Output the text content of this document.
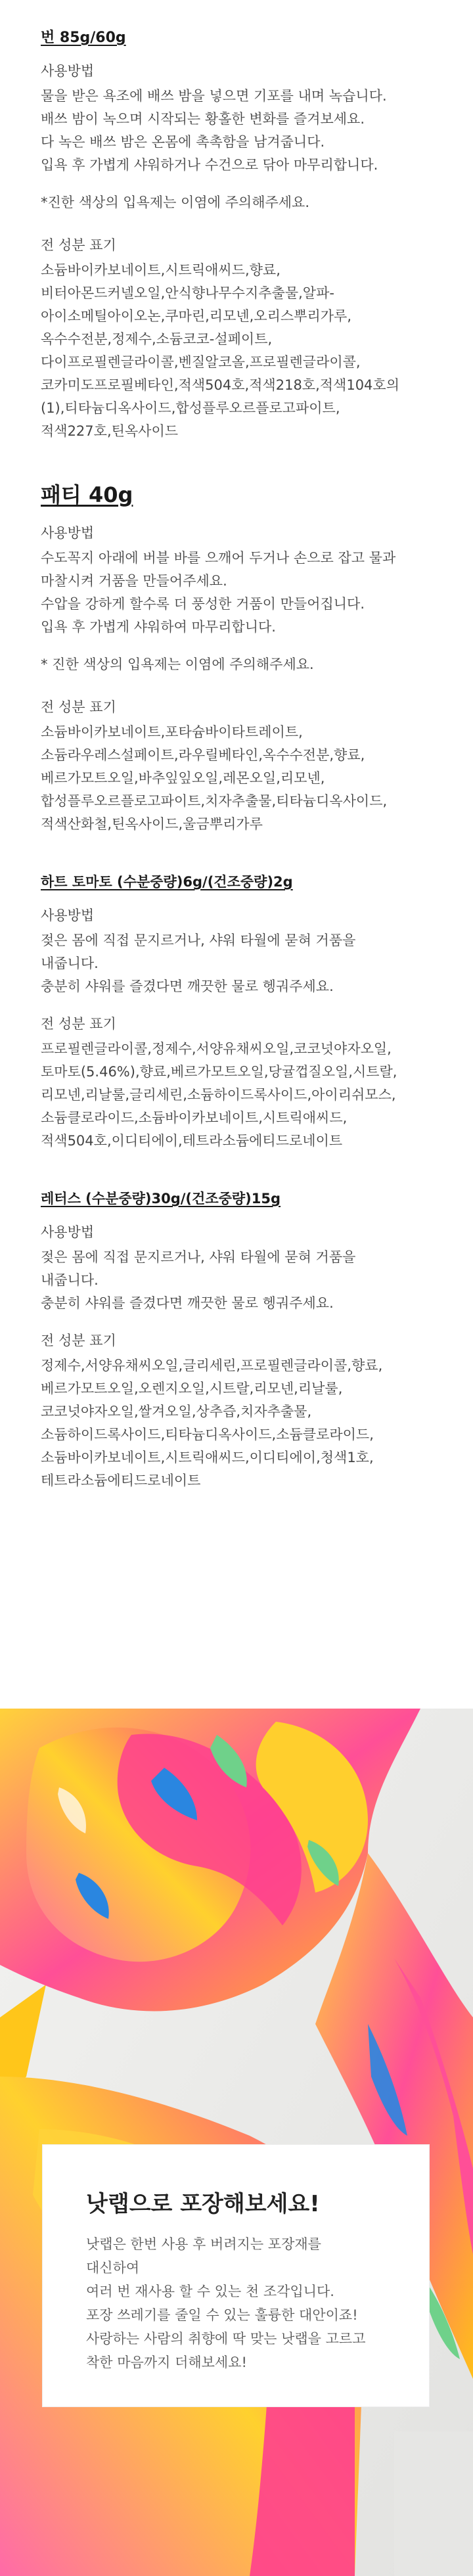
번 85g/60g
사용방법

물을 받은 욕조에 배쓰 밤을 넣으면 기포를 내며 녹습니다.
배쓰 밤이 녹으며 시작되는 황홀한 변화를 즐겨보세요.
다 녹은 배쓰 밤은 온몸에 촉촉함을 남겨줍니다.
입욕 후 가볍게 샤워하거나 수건으로 닦아 마무리합니다.

*진한 색상의 입욕제는 이염에 주의해주세요.

전 성분 표기

소듐바이카보네이트,시트릭애씨드,향료,
비터아몬드커넬오일,안식향나무수지추출물,알파-
아이소메틸아이오논,쿠마린,리모넨,오리스뿌리가루,
옥수수전분,정제수,소듐코코-설페이트,
다이프로필렌글라이콜,벤질알코올,프로필렌글라이콜,
코카미도프로필베타인,적색504호,적색218호,적색104호의
(1),티타늄디옥사이드,합성플루오르플로고파이트,
적색227호,틴옥사이드

패티 40g
사용방법

수도꼭지 아래에 버블 바를 으깨어 두거나 손으로 잡고 물과
마찰시켜 거품을 만들어주세요.
수압을 강하게 할수록 더 풍성한 거품이 만들어집니다.
입욕 후 가볍게 샤워하여 마무리합니다.

* 진한 색상의 입욕제는 이염에 주의해주세요.

전 성분 표기

소듐바이카보네이트,포타슘바이타트레이트,
소듐라우레스설페이트,라우릴베타인,옥수수전분,향료,
베르가모트오일,바추잎잎오일,레몬오일,리모넨,
합성플루오르플로고파이트,치자추출물,티타늄디옥사이드,
적색산화철,틴옥사이드,울금뿌리가루

하트 토마토 (수분중량)6g/(건조중량)2g
사용방법

젖은 몸에 직접 문지르거나, 샤워 타월에 묻혀 거품을
내줍니다.
충분히 샤워를 즐겼다면 깨끗한 물로 헹궈주세요.

전 성분 표기

프로필렌글라이콜,정제수,서양유채씨오일,코코넛야자오일,
토마토(5.46%),향료,베르가모트오일,당귤껍질오일,시트랄,
리모넨,리날룰,글리세린,소듐하이드록사이드,아이리쉬모스,
소듐클로라이드,소듐바이카보네이트,시트릭애씨드,
적색504호,이디티에이,테트라소듐에티드로네이트

레터스 (수분중량)30g/(건조중량)15g
사용방법

젖은 몸에 직접 문지르거나, 샤워 타월에 묻혀 거품을
내줍니다.
충분히 샤워를 즐겼다면 깨끗한 물로 헹궈주세요.

전 성분 표기

정제수,서양유채씨오일,글리세린,프로필렌글라이콜,향료,
베르가모트오일,오렌지오일,시트랄,리모넨,리날룰,
코코넛야자오일,쌀겨오일,상추즙,치자추출물,
소듐하이드록사이드,티타늄디옥사이드,소듐클로라이드,
소듐바이카보네이트,시트릭애씨드,이디티에이,청색1호,
테트라소듐에티드로네이트

낫랩으로 포장해보세요!

낫랩은 한번 사용 후 버려지는 포장재를
대신하여
여러 번 재사용 할 수 있는 천 조각입니다.
포장 쓰레기를 줄일 수 있는 훌륭한 대안이죠!
사랑하는 사람의 취향에 딱 맞는 낫랩을 고르고
착한 마음까지 더해보세요!
